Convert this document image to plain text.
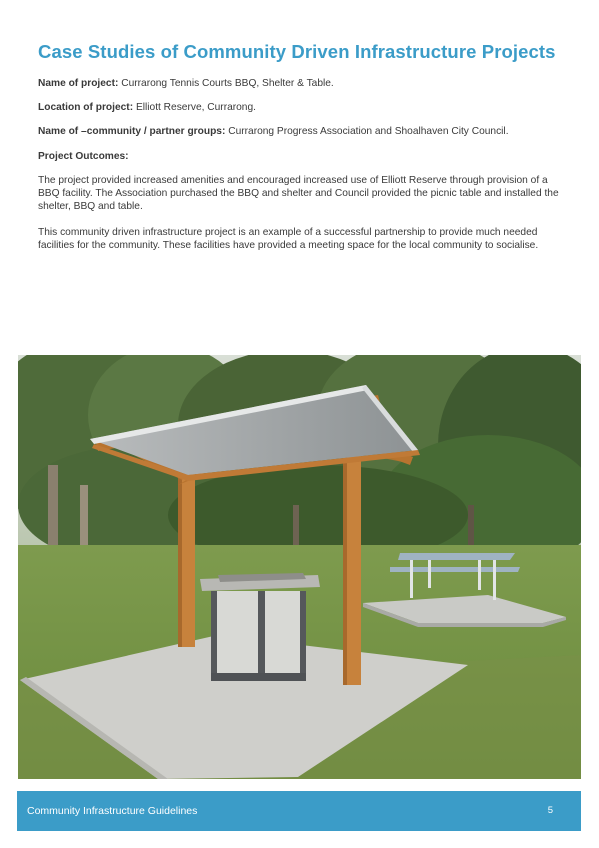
Case Studies of Community Driven Infrastructure Projects

Name of project: Currarong Tennis Courts BBQ, Shelter & Table.

Location of project: Elliott Reserve, Currarong.

Name of –community / partner groups: Currarong Progress Association and Shoalhaven City Council.

Project Outcomes:

The project provided increased amenities and encouraged increased use of Elliott Reserve through provision of a BBQ facility. The Association purchased the BBQ and shelter and Council provided the picnic table and installed the shelter, BBQ and table.

This community driven infrastructure project is an example of a successful partnership to provide much needed facilities for the community. These facilities have provided a meeting space for the local community to socialise.

Community Infrastructure Guidelines	5
